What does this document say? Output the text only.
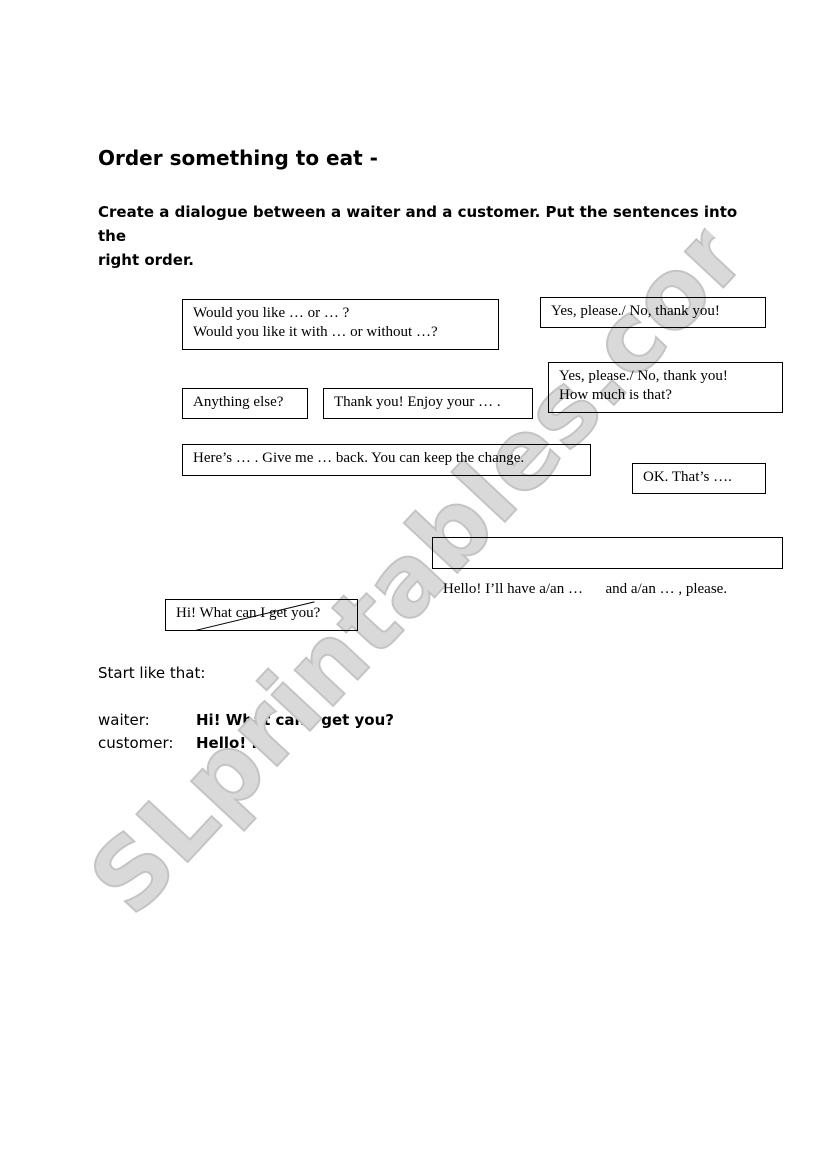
Order something to eat -
Create a dialogue between a waiter and a customer. Put the sentences into the
right order.
Would you like … or … ?
Would you like it with … or without …?
Yes, please./ No, thank you!
Yes, please./ No, thank you!
How much is that?
Anything else?	Thank you! Enjoy your … .
Here’s … . Give me … back. You can keep the change.
OK. That’s ….

Hello! I’ll have a/an …      and a/an … , please.

Hi! What can I get you?
Start like that:
waiter:	Hi! What can I get you?
customer: Hello! ...
